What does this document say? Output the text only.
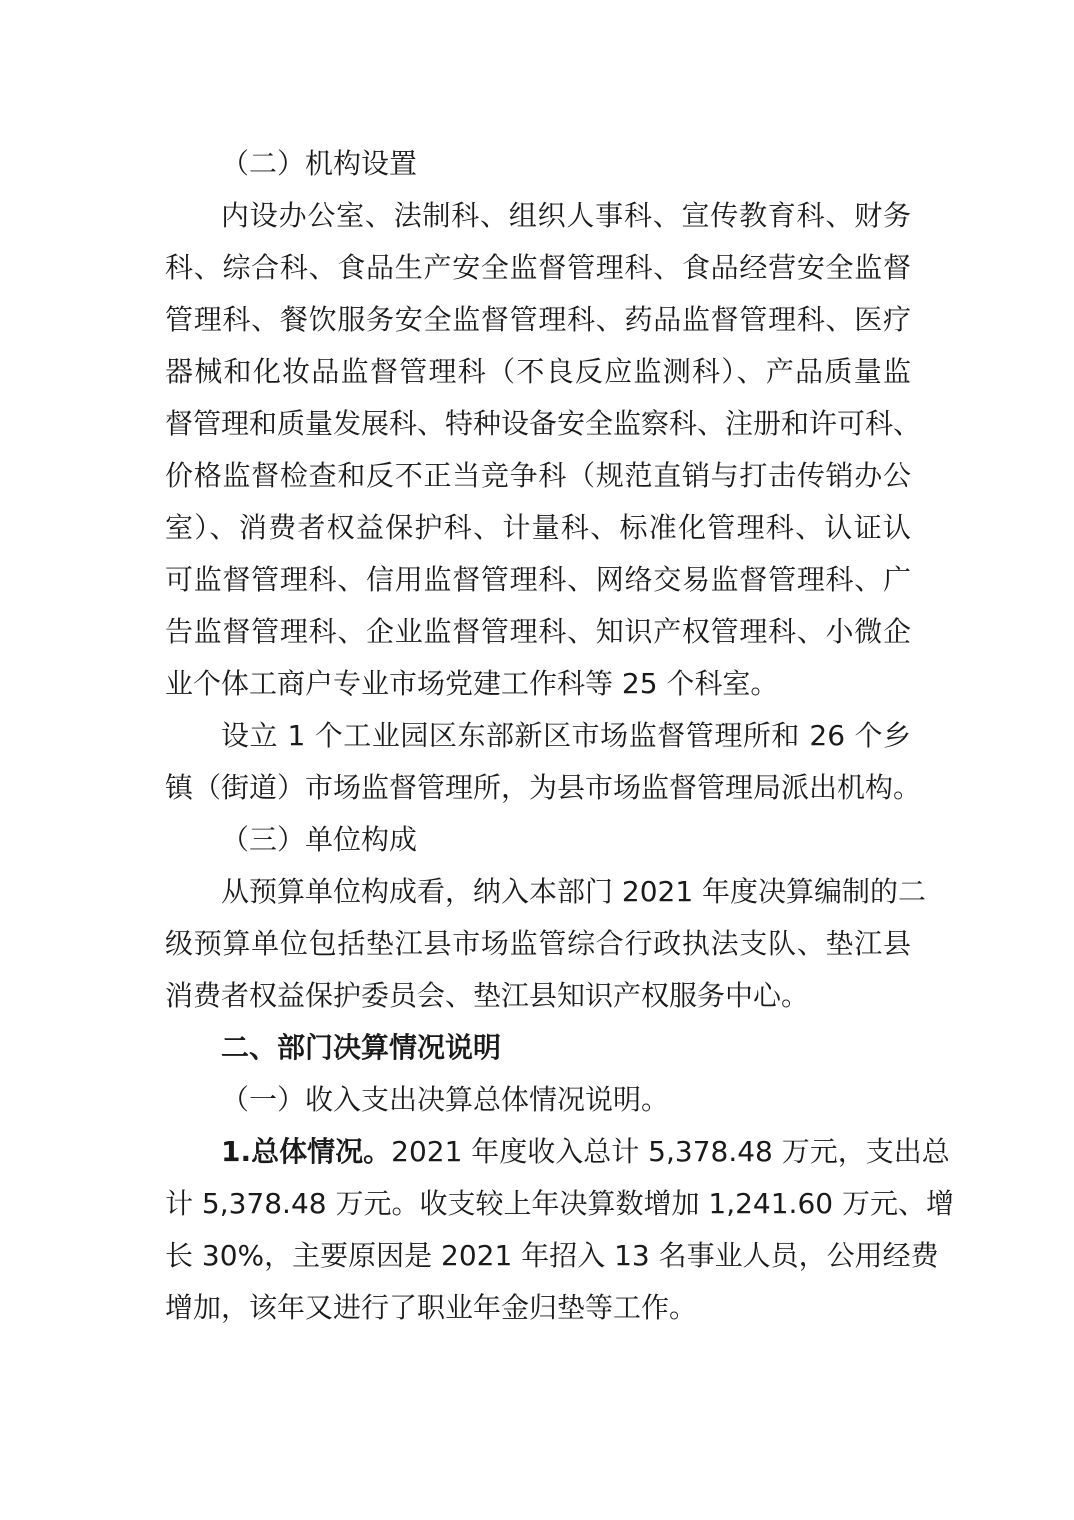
（二）机构设置

内设办公室、法制科、组织人事科、宣传教育科、财务

科、综合科、食品生产安全监督管理科、食品经营安全监督

管理科、餐饮服务安全监督管理科、药品监督管理科、医疗

器械和化妆品监督管理科（不良反应监测科）、产品质量监

督管理和质量发展科、特种设备安全监察科、注册和许可科、

价格监督检查和反不正当竞争科（规范直销与打击传销办公

室）、消费者权益保护科、计量科、标准化管理科、认证认

可监督管理科、信用监督管理科、网络交易监督管理科、广

告监督管理科、企业监督管理科、知识产权管理科、小微企

业个体工商户专业市场党建工作科等 25 个科室。

设立 1 个工业园区东部新区市场监督管理所和 26 个乡

镇（街道）市场监督管理所，为县市场监督管理局派出机构。

（三）单位构成

从预算单位构成看，纳入本部门 2021 年度决算编制的二

级预算单位包括垫江县市场监管综合行政执法支队、垫江县

消费者权益保护委员会、垫江县知识产权服务中心。

二、部门决算情况说明

（一）收入支出决算总体情况说明。

1.总体情况。2021 年度收入总计 5,378.48 万元，支出总

计 5,378.48 万元。收支较上年决算数增加 1,241.60 万元、增

长 30%，主要原因是 2021 年招入 13 名事业人员，公用经费

增加，该年又进行了职业年金归垫等工作。
